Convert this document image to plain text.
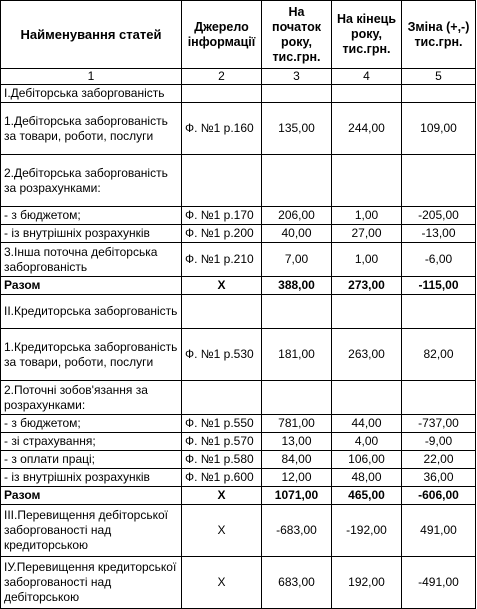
Найменування статей	Джерело інформації	На початок року, тис.грн.	На кінець року, тис.грн.	Зміна (+,-) тис.грн.
1	2	3	4	5
I.Дебіторська заборгованість				
1.Дебіторська заборгованість за товари, роботи, послуги	Ф. №1 р.160	135,00	244,00	109,00
2.Дебіторська заборгованість за розрахунками:				
- з бюджетом;	Ф. №1 р.170	206,00	1,00	-205,00
- із внутрішніх розрахунків	Ф. №1 р.200	40,00	27,00	-13,00
3.Інша поточна дебіторська заборгованість	Ф. №1 р.210	7,00	1,00	-6,00
Разом	Х	388,00	273,00	-115,00
II.Кредиторська заборгованість				
1.Кредиторська заборгованість за товари, роботи, послуги	Ф. №1 р.530	181,00	263,00	82,00
2.Поточні зобов'язання за розрахунками:				
- з бюджетом;	Ф. №1 р.550	781,00	44,00	-737,00
- зі страхування;	Ф. №1 р.570	13,00	4,00	-9,00
- з оплати праці;	Ф. №1 р.580	84,00	106,00	22,00
- із внутрішніх розрахунків	Ф. №1 р.600	12,00	48,00	36,00
Разом	Х	1071,00	465,00	-606,00
III.Перевищення дебіторської заборгованості над кредиторською	Х	-683,00	-192,00	491,00
IУ.Перевищення кредиторської заборгованості над дебіторською	Х	683,00	192,00	-491,00
